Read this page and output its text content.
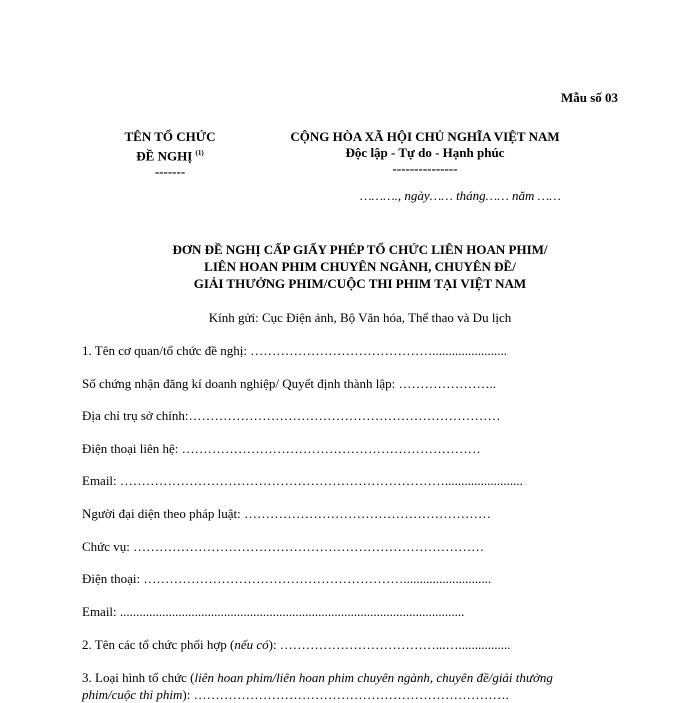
Mẫu số 03
TÊN TỔ CHỨC
ĐỀ NGHỊ $^{(1)}$
-------
CỘNG HÒA XÃ HỘI CHỦ NGHĨA VIỆT NAM
Độc lập - Tự do - Hạnh phúc
---------------
………., ngày…… tháng…… năm ……
ĐƠN ĐỀ NGHỊ CẤP GIẤY PHÉP TỔ CHỨC LIÊN HOAN PHIM/
LIÊN HOAN PHIM CHUYÊN NGÀNH, CHUYÊN ĐỀ/
GIẢI THƯỞNG PHIM/CUỘC THI PHIM TẠI VIỆT NAM
Kính gửi: Cục Điện ảnh, Bộ Văn hóa, Thể thao và Du lịch
1. Tên cơ quan/tổ chức đề nghị: …………………………………….......................
Số chứng nhận đăng kí doanh nghiệp/ Quyết định thành lập: …………………..
Địa chỉ trụ sở chính:………………………………………………………………
Điện thoại liên hệ: ……………………………………………………………
Email: …………………………………………………………………........................
Người đại diện theo pháp luật: …………………………………………………
Chức vụ: ………………………………………………………………………
Điện thoại: ……………………………………………………...........................
Email: ..........................................................................................................
2. Tên các tổ chức phối hợp (nếu có): ………………………………...…................
3. Loại hình tổ chức (liên hoan phim/liên hoan phim chuyên ngành, chuyên đề/giải thưởng phim/cuộc thi phim): ……………………………………………………………….
